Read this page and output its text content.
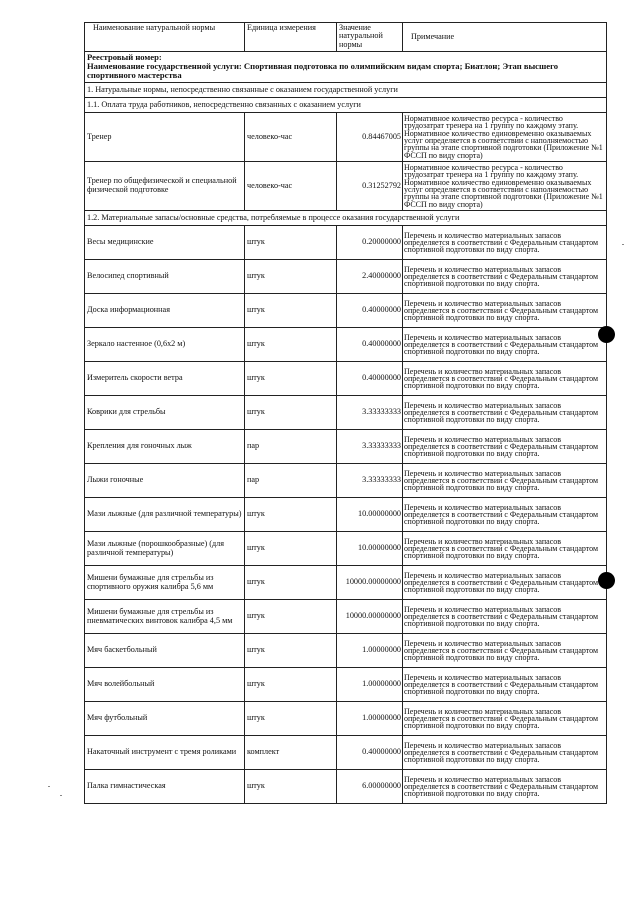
Наименование натуральной нормы	Единица измерения	Значение натуральной нормы	Примечание

Реестровый номер:
Наименование государственной услуги: Спортивная подготовка по олимпийским видам спорта; Биатлон; Этап высшего спортивного мастерства			

1. Натуральные нормы, непосредственно связанные с оказанием государственной услуги			
1.1. Оплата труда работников, непосредственно связанных с оказанием услуги			
Тренер	человеко-час	0.84467005	Нормативное количество ресурса - количество трудозатрат тренера на 1 группу по каждому этапу. Нормативное количество единовременно оказываемых услуг определяется в соответствии с наполняемостью группы на этапе спортивной подготовки (Приложение №1 ФССП по виду спорта)
Тренер по общефизической и специальной физической подготовке	человеко-час	0.31252792	Нормативное количество ресурса - количество трудозатрат тренера на 1 группу по каждому этапу. Нормативное количество единовременно оказываемых услуг определяется в соответствии с наполняемостью группы на этапе спортивной подготовки (Приложение №1 ФССП по виду спорта)
1.2. Материальные запасы/основные средства, потребляемые в процессе оказания государственной услуги			
Весы медицинские	штук	0.20000000	Перечень и количество материальных запасов определяется в соответствии с Федеральным стандартом спортивной подготовки по виду спорта.
Велосипед спортивный	штук	2.40000000	Перечень и количество материальных запасов определяется в соответствии с Федеральным стандартом спортивной подготовки по виду спорта.
Доска информационная	штук	0.40000000	Перечень и количество материальных запасов определяется в соответствии с Федеральным стандартом спортивной подготовки по виду спорта.
Зеркало настенное (0,6х2 м)	штук	0.40000000	Перечень и количество материальных запасов определяется в соответствии с Федеральным стандартом спортивной подготовки по виду спорта.
Измеритель скорости ветра	штук	0.40000000	Перечень и количество материальных запасов определяется в соответствии с Федеральным стандартом спортивной подготовки по виду спорта.
Коврики для стрельбы	штук	3.33333333	Перечень и количество материальных запасов определяется в соответствии с Федеральным стандартом спортивной подготовки по виду спорта.
Крепления для гоночных лыж	пар	3.33333333	Перечень и количество материальных запасов определяется в соответствии с Федеральным стандартом спортивной подготовки по виду спорта.
Лыжи гоночные	пар	3.33333333	Перечень и количество материальных запасов определяется в соответствии с Федеральным стандартом спортивной подготовки по виду спорта.
Мази лыжные (для различной температуры)	штук	10.00000000	Перечень и количество материальных запасов определяется в соответствии с Федеральным стандартом спортивной подготовки по виду спорта.
Мази лыжные (порошкообразные) (для различной температуры)	штук	10.00000000	Перечень и количество материальных запасов определяется в соответствии с Федеральным стандартом спортивной подготовки по виду спорта.
Мишени бумажные для стрельбы из спортивного оружия калибра 5,6 мм	штук	10000.00000000	Перечень и количество материальных запасов определяется в соответствии с Федеральным стандартом спортивной подготовки по виду спорта.
Мишени бумажные для стрельбы из пневматических винтовок калибра 4,5 мм	штук	10000.00000000	Перечень и количество материальных запасов определяется в соответствии с Федеральным стандартом спортивной подготовки по виду спорта.
Мяч баскетбольный	штук	1.00000000	Перечень и количество материальных запасов определяется в соответствии с Федеральным стандартом спортивной подготовки по виду спорта.
Мяч волейбольный	штук	1.00000000	Перечень и количество материальных запасов определяется в соответствии с Федеральным стандартом спортивной подготовки по виду спорта.
Мяч футбольный	штук	1.00000000	Перечень и количество материальных запасов определяется в соответствии с Федеральным стандартом спортивной подготовки по виду спорта.
Накаточный инструмент с тремя роликами	комплект	0.40000000	Перечень и количество материальных запасов определяется в соответствии с Федеральным стандартом спортивной подготовки по виду спорта.
Палка гимнастическая	штук	6.00000000	Перечень и количество материальных запасов определяется в соответствии с Федеральным стандартом спортивной подготовки по виду спорта.
